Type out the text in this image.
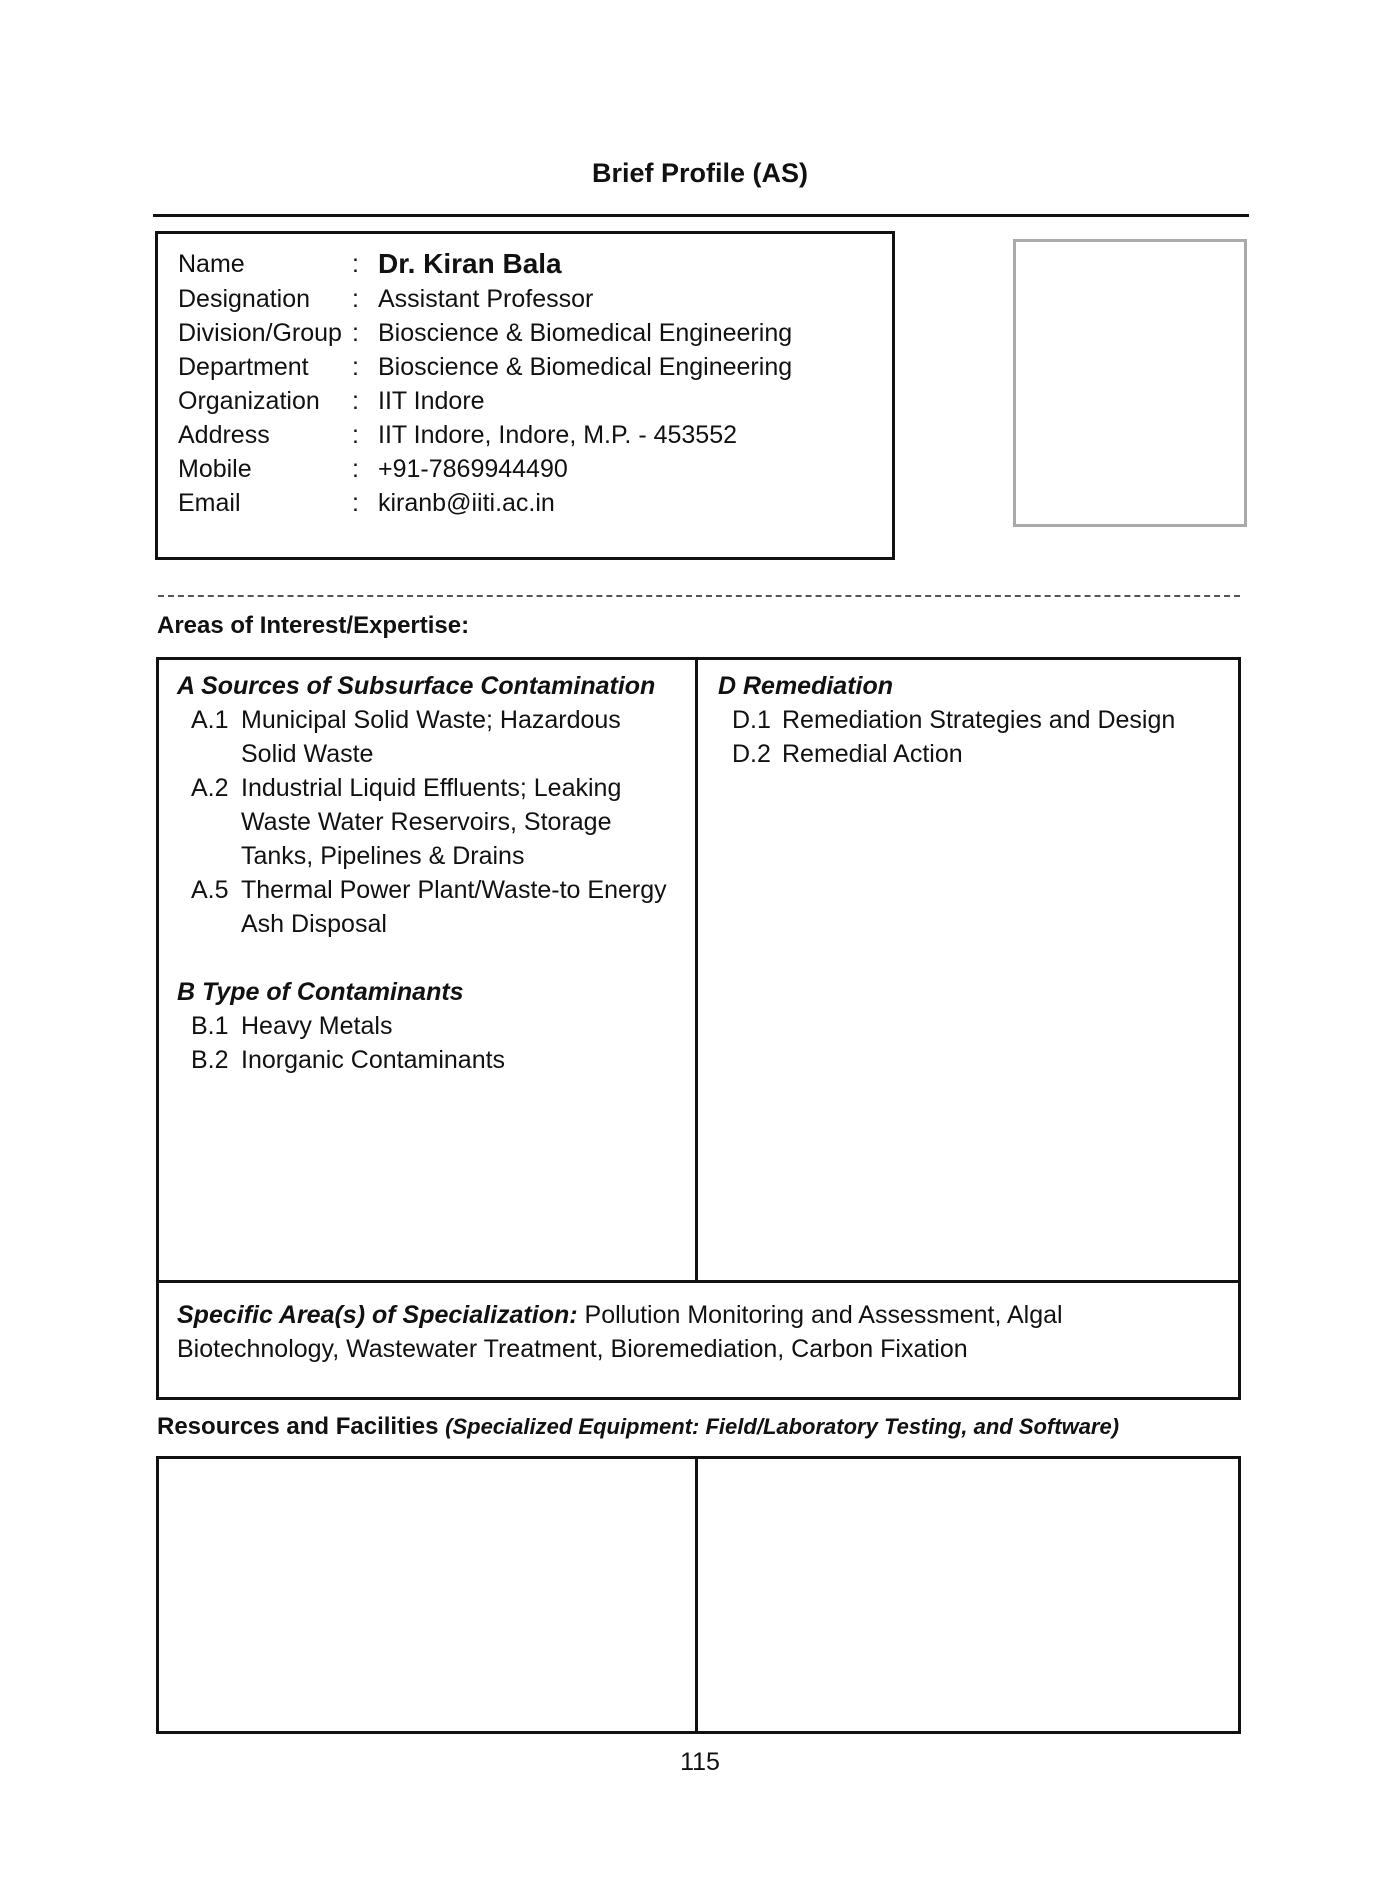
Brief Profile (AS)
Name	: Dr. Kiran Bala
Designation	: Assistant Professor
Division/Group : Bioscience & Biomedical Engineering
Department	: Bioscience & Biomedical Engineering
Organization	: IIT Indore
Address	: IIT Indore, Indore, M.P. - 453552
Mobile	: +91-7869944490
Email	: kiranb@iiti.ac.in
Areas of Interest/Expertise:
A Sources of Subsurface Contamination
A.1 Municipal Solid Waste; Hazardous Solid Waste
A.2 Industrial Liquid Effluents; Leaking Waste Water Reservoirs, Storage Tanks, Pipelines & Drains
A.5 Thermal Power Plant/Waste-to Energy Ash Disposal
B Type of Contaminants
B.1 Heavy Metals
B.2 Inorganic Contaminants
D Remediation
D.1 Remediation Strategies and Design
D.2 Remedial Action
Specific Area(s) of Specialization: Pollution Monitoring and Assessment, Algal Biotechnology, Wastewater Treatment, Bioremediation, Carbon Fixation
Resources and Facilities (Specialized Equipment: Field/Laboratory Testing, and Software)
115
